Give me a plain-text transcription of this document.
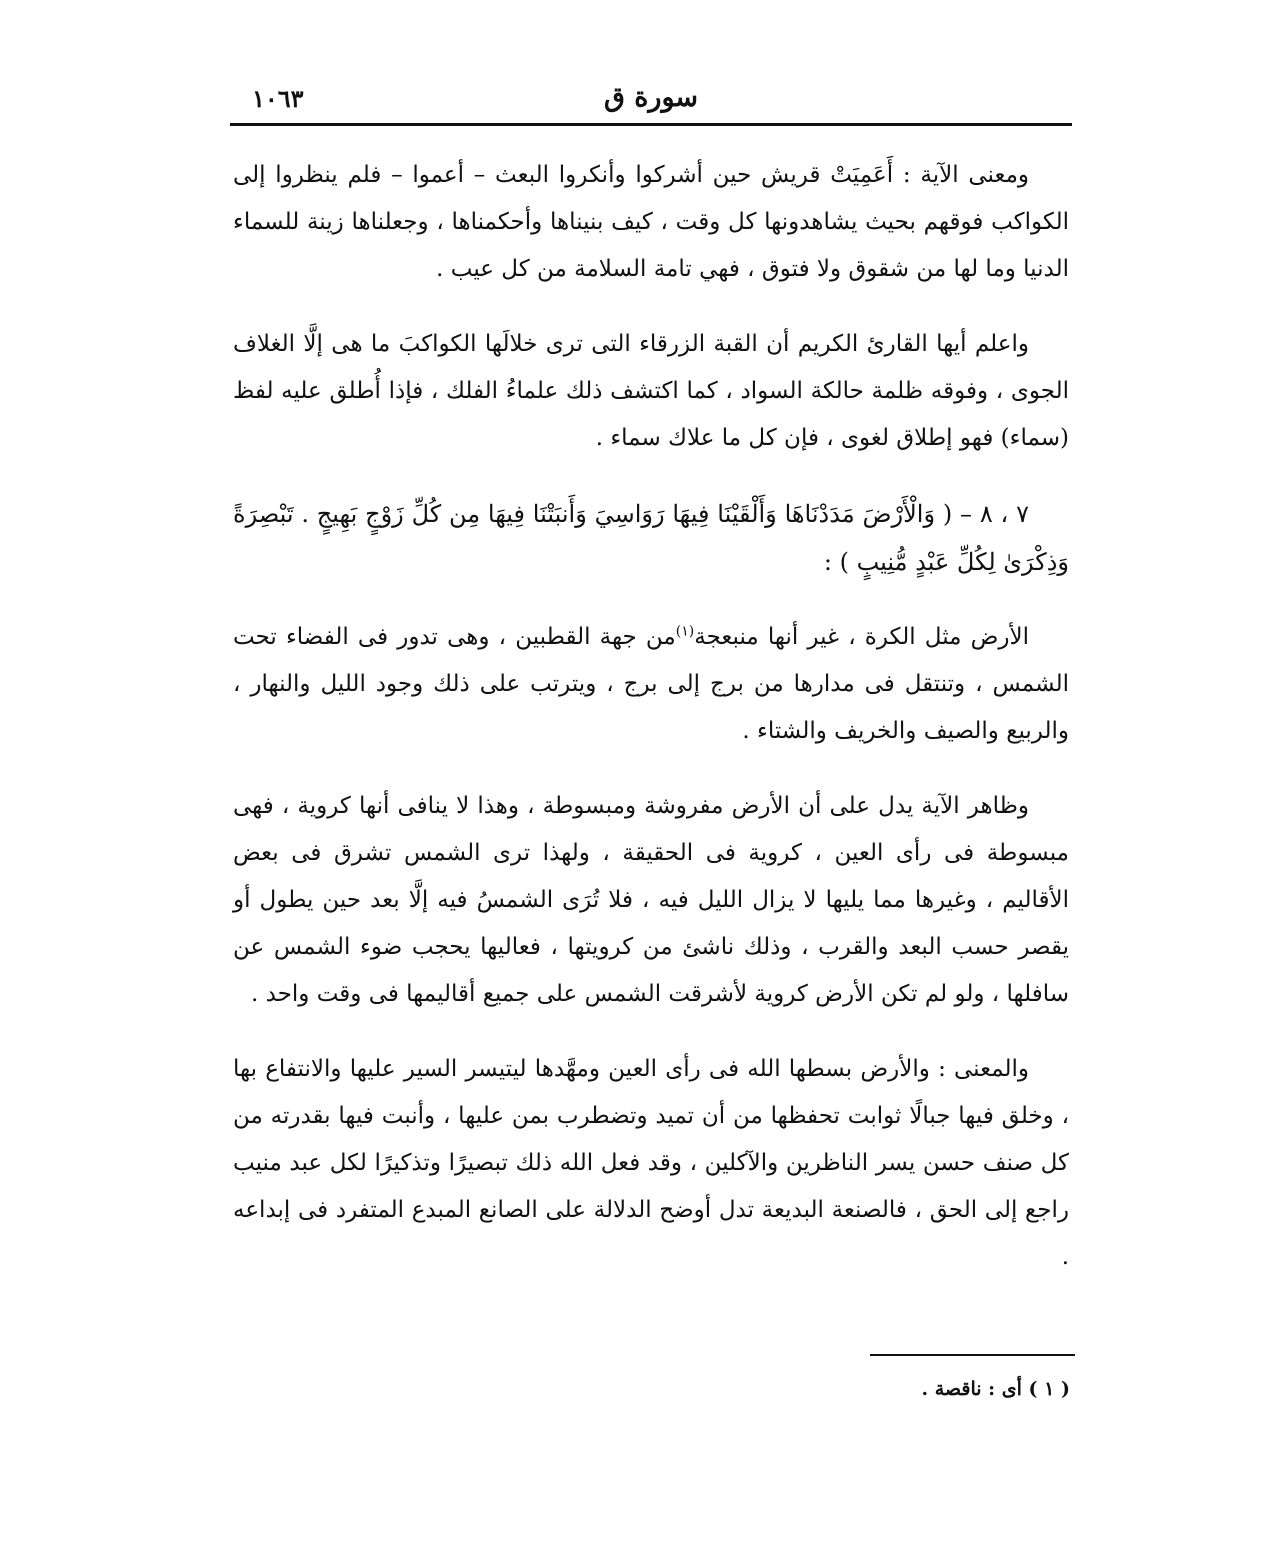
سورة ق
١٠٦٣

ومعنى الآية : أَعَمِيَتْ قريش حين أشركوا وأنكروا البعث – أعموا – فلم ينظروا إلى الكواكب فوقهم بحيث يشاهدونها كل وقت ، كيف بنيناها وأحكمناها ، وجعلناها زينة للسماء الدنيا وما لها من شقوق ولا فتوق ، فهي تامة السلامة من كل عيب .

واعلم أيها القارئ الكريم أن القبة الزرقاء التى ترى خلالَها الكواكبَ ما هى إلَّا الغلاف الجوى ، وفوقه ظلمة حالكة السواد ، كما اكتشف ذلك علماءُ الفلك ، فإذا أُطلق عليه لفظ (سماء) فهو إطلاق لغوى ، فإن كل ما علاك سماء .

٧ ، ٨ – ( وَالْأَرْضَ مَدَدْنَاهَا وَأَلْقَيْنَا فِيهَا رَوَاسِيَ وَأَنبَتْنَا فِيهَا مِن كُلِّ زَوْجٍ بَهِيجٍ . تَبْصِرَةً وَذِكْرَىٰ لِكُلِّ عَبْدٍ مُّنِيبٍ ) :

الأرض مثل الكرة ، غير أنها منبعجة$^{(١)}$من جهة القطبين ، وهى تدور فى الفضاء تحت الشمس ، وتنتقل فى مدارها من برج إلى برج ، ويترتب على ذلك وجود الليل والنهار ، والربيع والصيف والخريف والشتاء .

وظاهر الآية يدل على أن الأرض مفروشة ومبسوطة ، وهذا لا ينافى أنها كروية ، فهى مبسوطة فى رأى العين ، كروية فى الحقيقة ، ولهذا ترى الشمس تشرق فى بعض الأقاليم ، وغيرها مما يليها لا يزال الليل فيه ، فلا تُرَى الشمسُ فيه إلَّا بعد حين يطول أو يقصر حسب البعد والقرب ، وذلك ناشئ من كرويتها ، فعاليها يحجب ضوء الشمس عن سافلها ، ولو لم تكن الأرض كروية لأشرقت الشمس على جميع أقاليمها فى وقت واحد .

والمعنى : والأرض بسطها الله فى رأى العين ومهَّدها ليتيسر السير عليها والانتفاع بها ، وخلق فيها جبالًا ثوابت تحفظها من أن تميد وتضطرب بمن عليها ، وأنبت فيها بقدرته من كل صنف حسن يسر الناظرين والآكلين ، وقد فعل الله ذلك تبصيرًا وتذكيرًا لكل عبد منيب راجع إلى الحق ، فالصنعة البديعة تدل أوضح الدلالة على الصانع المبدع المتفرد فى إبداعه .

( ١ ) أى : ناقصة .
